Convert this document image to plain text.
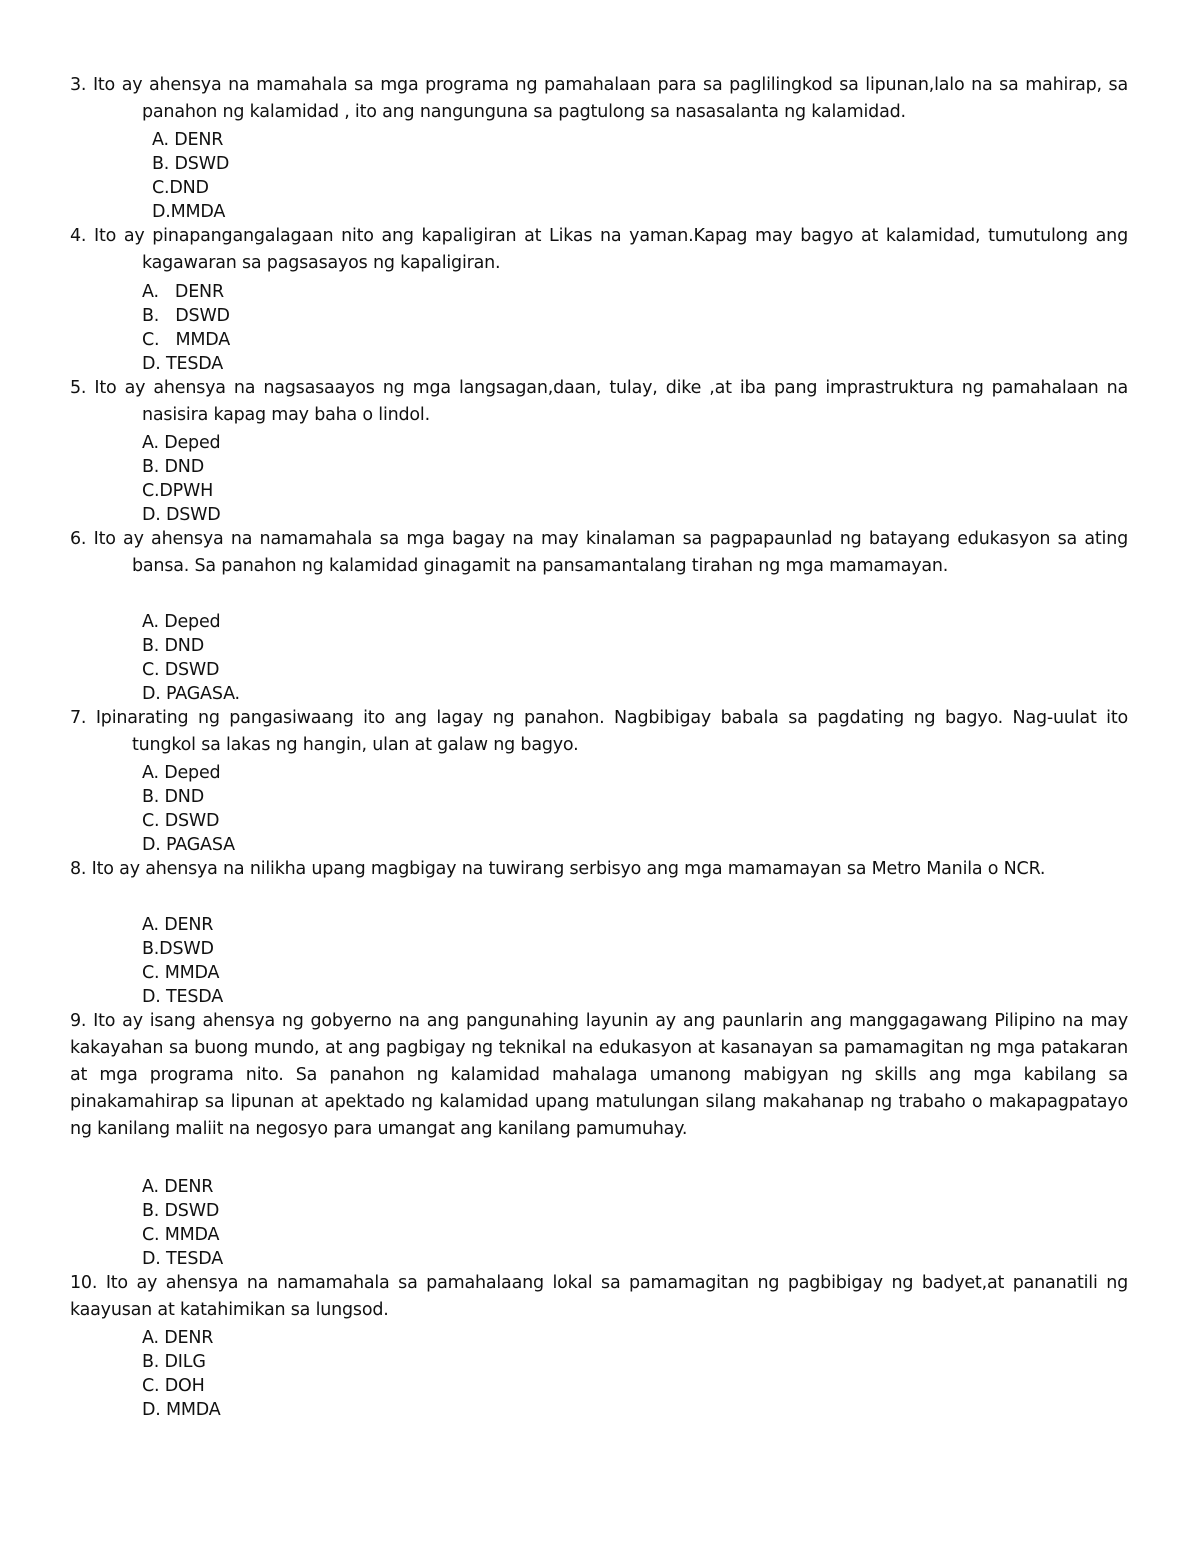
3. Ito ay ahensya na mamahala sa mga programa ng pamahalaan para sa paglilingkod sa lipunan,lalo na sa mahirap, sa panahon ng kalamidad , ito ang nangunguna sa pagtulong sa nasasalanta ng kalamidad.
A. DENR
B. DSWD
C.DND
D.MMDA
4. Ito ay pinapangangalagaan nito ang kapaligiran at Likas na yaman.Kapag may bagyo at kalamidad, tumutulong ang kagawaran sa pagsasayos ng kapaligiran.
A.   DENR
B.   DSWD
C.   MMDA
D. TESDA
5. Ito ay ahensya na nagsasaayos ng mga langsagan,daan, tulay, dike ,at iba pang imprastruktura ng pamahalaan na nasisira kapag may baha o lindol.
A. Deped
B. DND
C.DPWH
D. DSWD
6. Ito ay ahensya na namamahala sa mga bagay na may kinalaman sa pagpapaunlad ng batayang edukasyon sa ating bansa. Sa panahon ng kalamidad ginagamit na pansamantalang tirahan ng mga mamamayan.
A. Deped
B. DND
C. DSWD
D. PAGASA.
7. Ipinarating ng pangasiwaang ito ang lagay ng panahon. Nagbibigay babala sa pagdating ng bagyo. Nag-uulat ito tungkol sa lakas ng hangin, ulan at galaw ng bagyo.
A. Deped
B. DND
C. DSWD
D. PAGASA
8. Ito ay ahensya na nilikha upang magbigay na tuwirang serbisyo ang mga mamamayan sa Metro Manila o NCR.
A. DENR
B.DSWD
C. MMDA
D. TESDA
9. Ito ay isang ahensya ng gobyerno na ang pangunahing layunin ay ang paunlarin ang manggagawang Pilipino na may kakayahan sa buong mundo, at ang pagbigay ng teknikal na edukasyon at kasanayan sa pamamagitan ng mga patakaran at mga programa nito. Sa panahon ng kalamidad mahalaga umanong mabigyan ng skills ang mga kabilang sa pinakamahirap sa lipunan at apektado ng kalamidad upang matulungan silang makahanap ng trabaho o makapagpatayo ng kanilang maliit na negosyo para umangat ang kanilang pamumuhay.
A. DENR
B. DSWD
C. MMDA
D. TESDA
10. Ito ay ahensya na namamahala sa pamahalaang lokal sa pamamagitan ng pagbibigay ng badyet,at pananatili ng kaayusan at katahimikan sa lungsod.
A. DENR
B. DILG
C. DOH
D. MMDA
